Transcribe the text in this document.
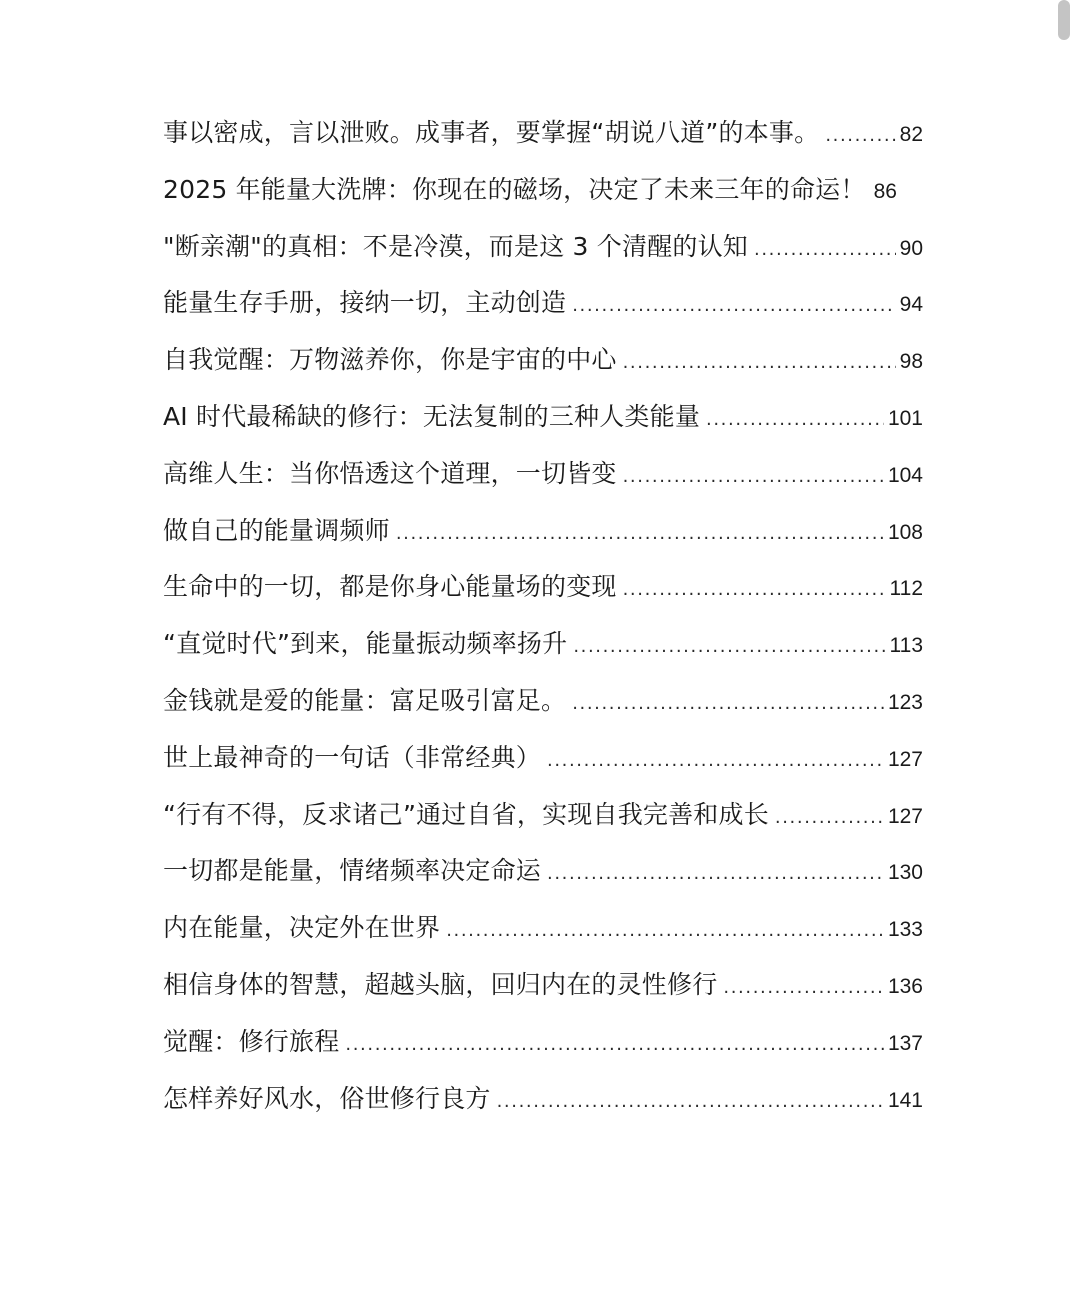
事以密成，言以泄败。成事者，要掌握“胡说八道”的本事。 .....	82
2025 年能量大洗牌：你现在的磁场，决定了未来三年的命运！ 86
"断亲潮"的真相：不是冷漠，而是这 3 个清醒的认知 .....	90
能量生存手册，接纳一切，主动创造 .....	94
自我觉醒：万物滋养你，你是宇宙的中心 .....	98
AI 时代最稀缺的修行：无法复制的三种人类能量 .....	101
高维人生：当你悟透这个道理，一切皆变 .....	104
做自己的能量调频师 .....	108
生命中的一切，都是你身心能量场的变现 .....	112
“直觉时代”到来，能量振动频率扬升 .....	113
金钱就是爱的能量：富足吸引富足。 .....	123
世上最神奇的一句话（非常经典） .....	127
“行有不得，反求诸己”通过自省，实现自我完善和成长 .....	127
一切都是能量，情绪频率决定命运 .....	130
内在能量，决定外在世界 .....	133
相信身体的智慧，超越头脑，回归内在的灵性修行 .....	136
觉醒：修行旅程 .....	137
怎样养好风水，俗世修行良方 .....	141
